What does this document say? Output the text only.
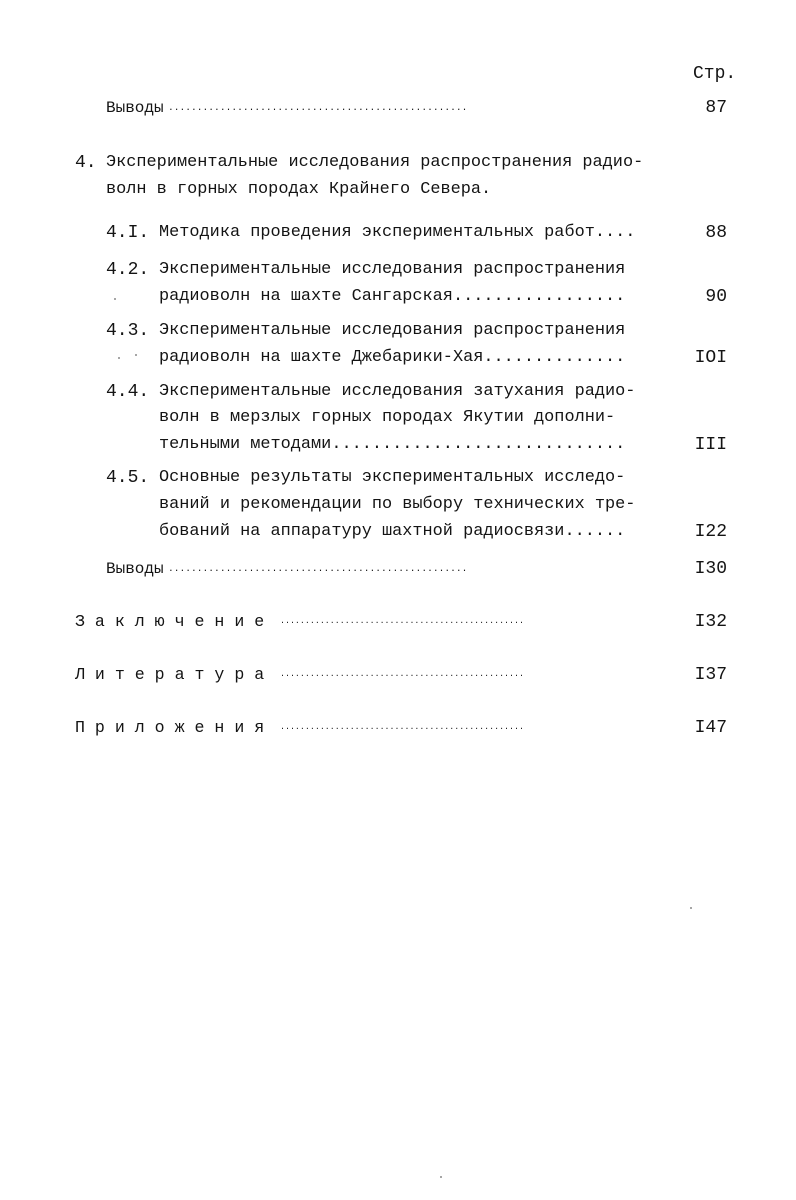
Стр.
Выводы ....................................................	87
4. Экспериментальные исследования распространения радио-
волн в горных породах Крайнего Севера.
4.I. Методика проведения экспериментальных работ....	88
4.2. Экспериментальные исследования распространения
радиоволн на шахте Сангарская.................	90
4.3. Экспериментальные исследования распространения
радиоволн на шахте Джебарики-Хая..............	IOI
4.4. Экспериментальные исследования затухания радио-
волн в мерзлых горных породах Якутии дополни-
тельными методами.............................	III
4.5. Основные результаты экспериментальных исследо-
ваний и рекомендации по выбору технических тре-
бований на аппаратуру шахтной радиосвязи......	I22
Выводы ....................................................	I30
З а к л ю ч е н и е .................................................	I32
Л и т е р а т у р а .................................................	I37
П р и л о ж е н и я .................................................	I47
